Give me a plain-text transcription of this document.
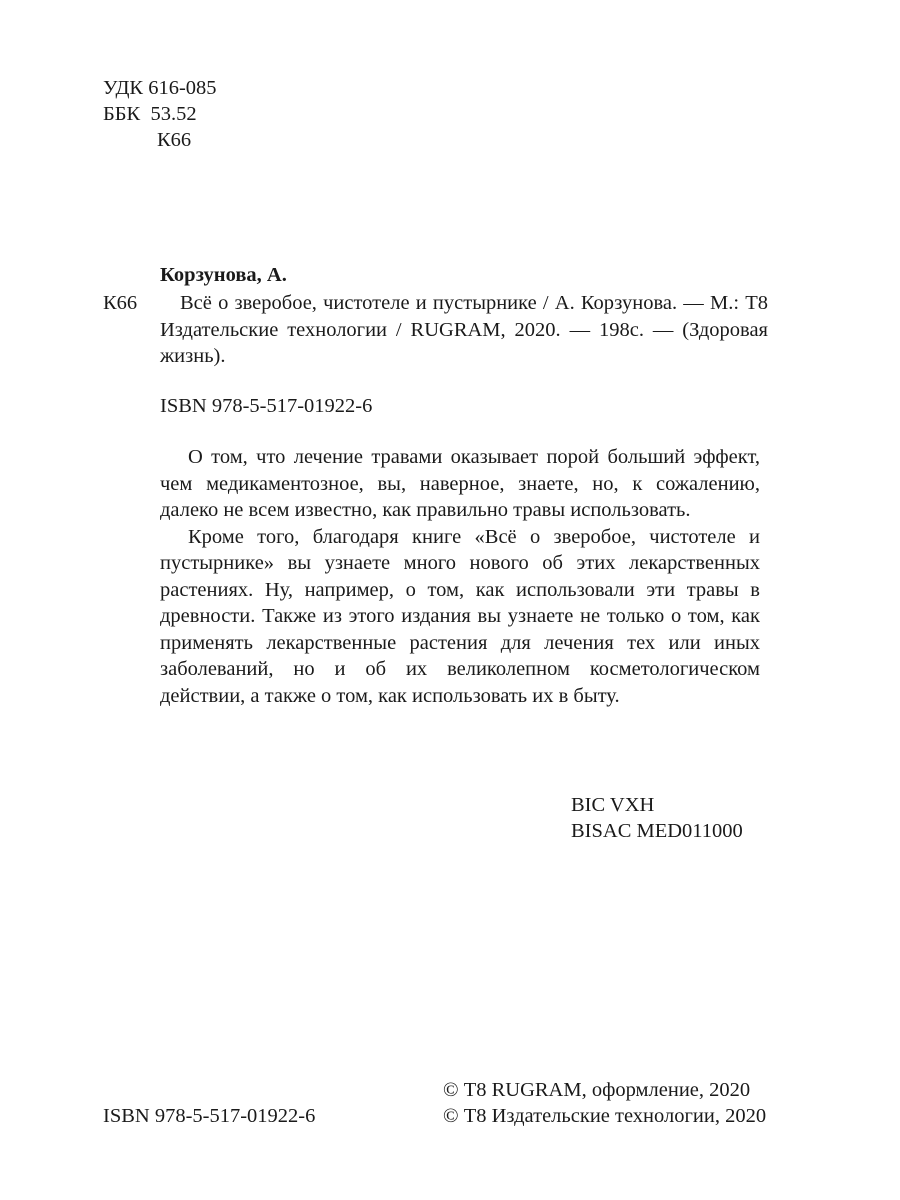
УДК 616-085
ББК  53.52
К66
Корзунова, А.
К66	Всё о зверобое, чистотеле и пустырнике / А. Корзунова. — М.: Т8 Издательские технологии / RUGRAM, 2020. — 198с. — (Здоровая жизнь).
ISBN 978-5-517-01922-6

О том, что лечение травами оказывает порой больший эффект, чем медикаментозное, вы, наверное, знаете, но, к сожалению, далеко не всем известно, как правильно травы использовать.

Кроме того, благодаря книге «Всё о зверобое, чистотеле и пустырнике» вы узнаете много нового об этих лекарственных растениях. Ну, например, о том, как использовали эти травы в древности. Также из этого издания вы узнаете не только о том, как применять лекарственные растения для лечения тех или иных заболеваний, но и об их великолепном косметологическом действии, а также о том, как использовать их в быту.

BIC VXH
BISAC MED011000
© Т8 RUGRAM, оформление, 2020
ISBN 978-5-517-01922-6	© Т8 Издательские технологии, 2020
